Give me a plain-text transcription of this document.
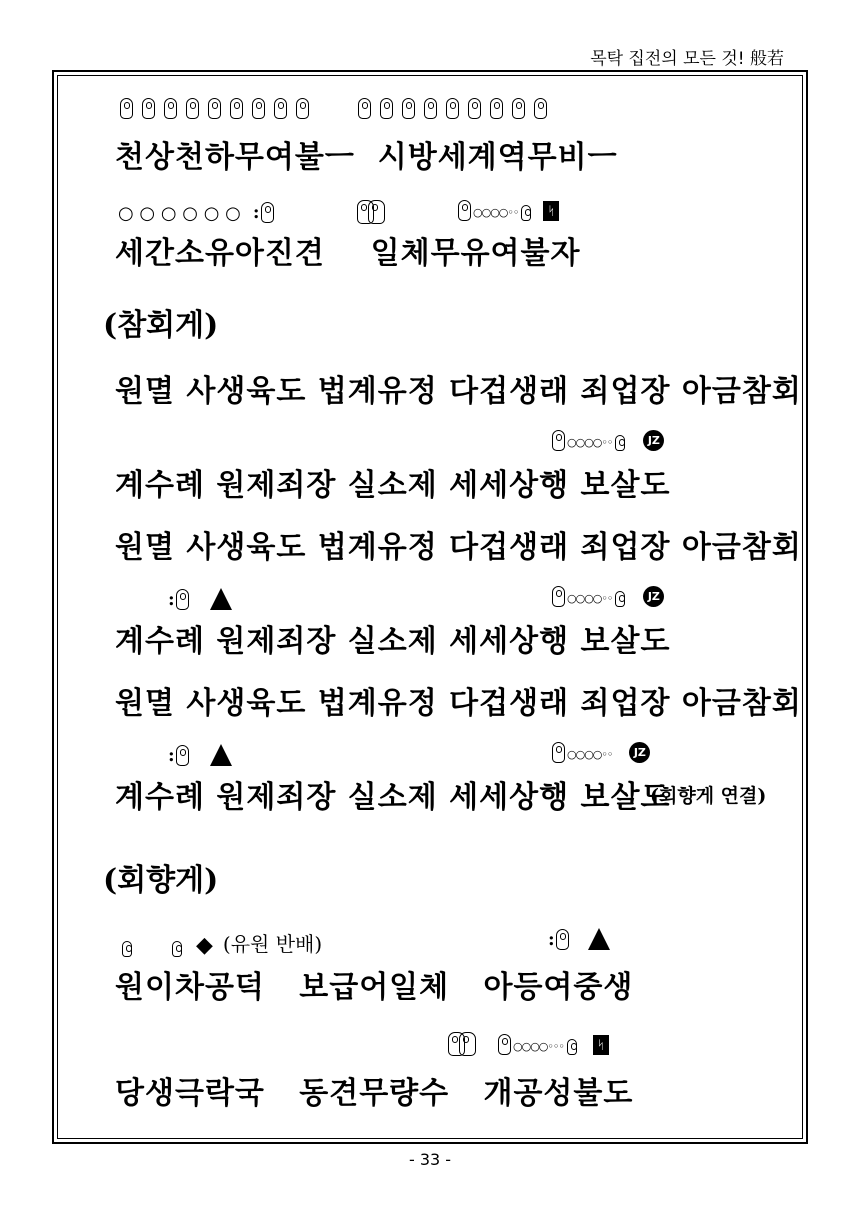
목탁 집전의 모든 것! 般若
천상천하무여불ㅡ  시방세계역무비ㅡ
○ ○ ○ ○ ○ ○ :	○○○○◦◦	ᛋ
세간소유아진견    일체무유여불자
(참회게)
원멸 사생육도 법계유정 다겁생래 죄업장 아금참회
○○○○◦◦	JZ
계수례 원제죄장 실소제 세세상행 보살도
원멸 사생육도 법계유정 다겁생래 죄업장 아금참회
:	○○○○◦◦	JZ
계수례 원제죄장 실소제 세세상행 보살도
원멸 사생육도 법계유정 다겁생래 죄업장 아금참회
:	○○○○◦◦	JZ
계수례 원제죄장 실소제 세세상행 보살도
(회향게 연결)
(회향게)
◆ (유원 반배)	:
원이차공덕   보급어일체   아등여중생
○○○○◦◦◦	ᛋ
당생극락국   동견무량수   개공성불도
- 33 -
